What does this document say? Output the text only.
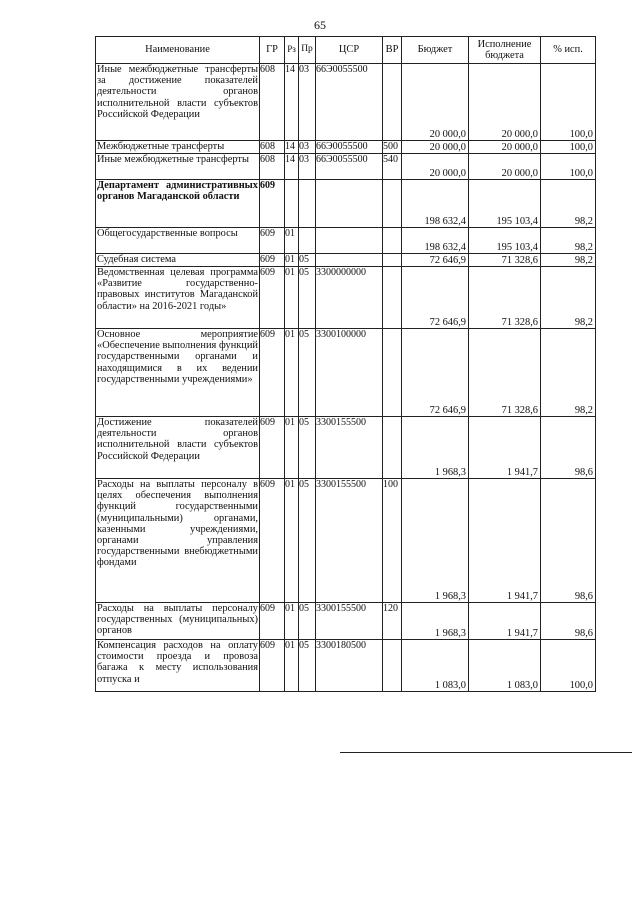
65
Наименование	ГР	Рз	Пр	ЦСР	ВР	Бюджет	Исполнение бюджета	% исп.
Иные межбюджетные трансферты за достижение показателей деятельности органов исполнительной власти субъектов Российской Федерации	608	14	03	66Э0055500		20 000,0	20 000,0	100,0
Межбюджетные трансферты	608	14	03	66Э0055500	500	20 000,0	20 000,0	100,0
Иные межбюджетные трансферты	608	14	03	66Э0055500	540	20 000,0	20 000,0	100,0
Департамент административных органов Магаданской области	609					198 632,4	195 103,4	98,2
Общегосударственные вопросы	609	01				198 632,4	195 103,4	98,2
Судебная система	609	01	05			72 646,9	71 328,6	98,2
Ведомственная целевая программа «Развитие государственно-правовых институтов Магаданской области» на 2016-2021 годы»	609	01	05	3300000000		72 646,9	71 328,6	98,2
Основное мероприятие «Обеспечение выполнения функций государственными органами и находящимися в их ведении государственными учреждениями»	609	01	05	3300100000		72 646,9	71 328,6	98,2
Достижение показателей деятельности органов исполнительной власти субъектов Российской Федерации	609	01	05	3300155500		1 968,3	1 941,7	98,6
Расходы на выплаты персоналу в целях обеспечения выполнения функций государственными (муниципальными) органами, казенными учреждениями, органами управления государственными внебюджетными фондами	609	01	05	3300155500	100	1 968,3	1 941,7	98,6
Расходы на выплаты персоналу государственных (муниципальных) органов	609	01	05	3300155500	120	1 968,3	1 941,7	98,6
Компенсация расходов на оплату стоимости проезда и провоза багажа к месту использования отпуска и	609	01	05	3300180500		1 083,0	1 083,0	100,0
